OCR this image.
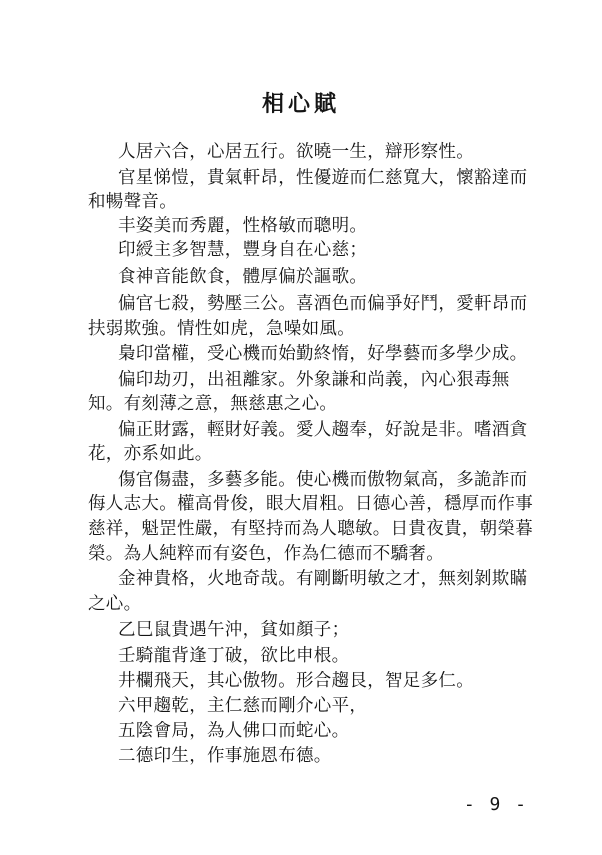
相心賦
人居六合，心居五行。欲曉一生，辯形察性。
官星悌愷，貴氣軒昂，性優遊而仁慈寬大，懷豁達而
和暢聲音。
丰姿美而秀麗，性格敏而聰明。
印綬主多智慧，豐身自在心慈；
食神音能飲食，體厚偏於謳歌。
偏官七殺，勢壓三公。喜酒色而偏爭好鬥，愛軒昂而
扶弱欺強。情性如虎，急噪如風。
梟印當權，受心機而始勤終惰，好學藝而多學少成。
偏印劫刃，出祖離家。外象謙和尚義，內心狠毒無
知。有刻薄之意，無慈惠之心。
偏正財露，輕財好義。愛人趨奉，好說是非。嗜酒貪
花，亦系如此。
傷官傷盡，多藝多能。使心機而傲物氣高，多詭詐而
侮人志大。權高骨俊，眼大眉粗。日德心善，穩厚而作事
慈祥，魁罡性嚴，有堅持而為人聰敏。日貴夜貴，朝榮暮
榮。為人純粹而有姿色，作為仁德而不驕奢。
金神貴格，火地奇哉。有剛斷明敏之才，無刻剝欺瞞
之心。
乙巳鼠貴遇午沖，貧如顏子；
壬騎龍背逢丁破，欲比申根。
井欄飛天，其心傲物。形合趨艮，智足多仁。
六甲趨乾，主仁慈而剛介心平，
五陰會局，為人佛口而蛇心。
二德印生，作事施恩布德。
- 9 -
